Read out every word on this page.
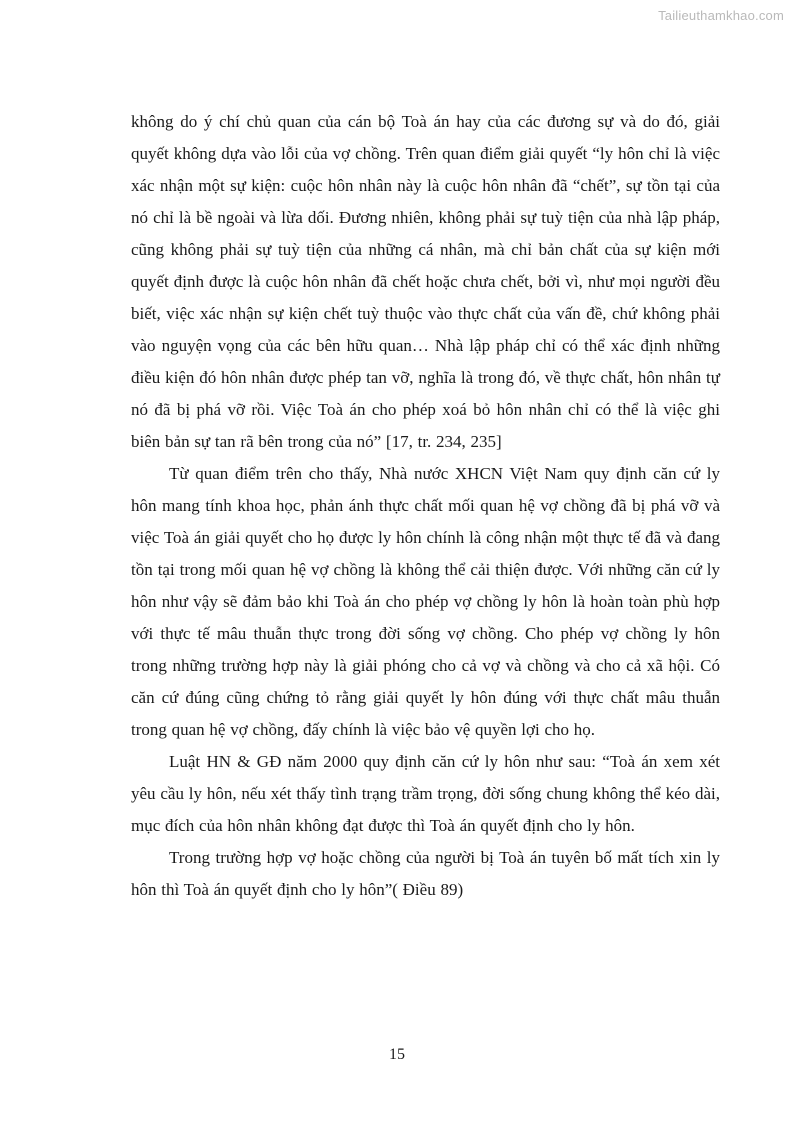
Tailieuthamkhao.com

không do ý chí chủ quan của cán bộ Toà án hay của các đương sự và do đó, giải quyết không dựa vào lỗi của vợ chồng. Trên quan điểm giải quyết “ly hôn chỉ là việc xác nhận một sự kiện: cuộc hôn nhân này là cuộc hôn nhân đã “chết”, sự tồn tại của nó chỉ là bề ngoài và lừa dối. Đương nhiên, không phải sự tuỳ tiện của nhà lập pháp, cũng không phải sự tuỳ tiện của những cá nhân, mà chỉ bản chất của sự kiện mới quyết định được là cuộc hôn nhân đã chết hoặc chưa chết, bởi vì, như mọi người đều biết, việc xác nhận sự kiện chết tuỳ thuộc vào thực chất của vấn đề, chứ không phải vào nguyện vọng của các bên hữu quan… Nhà lập pháp chỉ có thể xác định những điều kiện đó hôn nhân được phép tan vỡ, nghĩa là trong đó, về thực chất, hôn nhân tự nó đã bị phá vỡ rồi. Việc Toà án cho phép xoá bỏ hôn nhân chỉ có thể là việc ghi biên bản sự tan rã bên trong của nó” [17, tr. 234, 235]

Từ quan điểm trên cho thấy, Nhà nước XHCN Việt Nam quy định căn cứ ly hôn mang tính khoa học, phản ánh thực chất mối quan hệ vợ chồng đã bị phá vỡ và việc Toà án giải quyết cho họ được ly hôn chính là công nhận một thực tế đã và đang tồn tại trong mối quan hệ vợ chồng là không thể cải thiện được. Với những căn cứ ly hôn như vậy sẽ đảm bảo khi Toà án cho phép vợ chồng ly hôn là hoàn toàn phù hợp với thực tế mâu thuẫn thực trong đời sống vợ chồng. Cho phép vợ chồng ly hôn trong những trường hợp này là giải phóng cho cả vợ và chồng và cho cả xã hội. Có căn cứ đúng cũng chứng tỏ rằng giải quyết ly hôn đúng với thực chất mâu thuẫn trong quan hệ vợ chồng, đấy chính là việc bảo vệ quyền lợi cho họ.

Luật HN & GĐ năm 2000 quy định căn cứ ly hôn như sau: “Toà án xem xét yêu cầu ly hôn, nếu xét thấy tình trạng trầm trọng, đời sống chung không thể kéo dài, mục đích của hôn nhân không đạt được thì Toà án quyết định cho ly hôn.

Trong trường hợp vợ hoặc chồng của người bị Toà án tuyên bố mất tích xin ly hôn thì Toà án quyết định cho ly hôn”( Điều 89)

15
